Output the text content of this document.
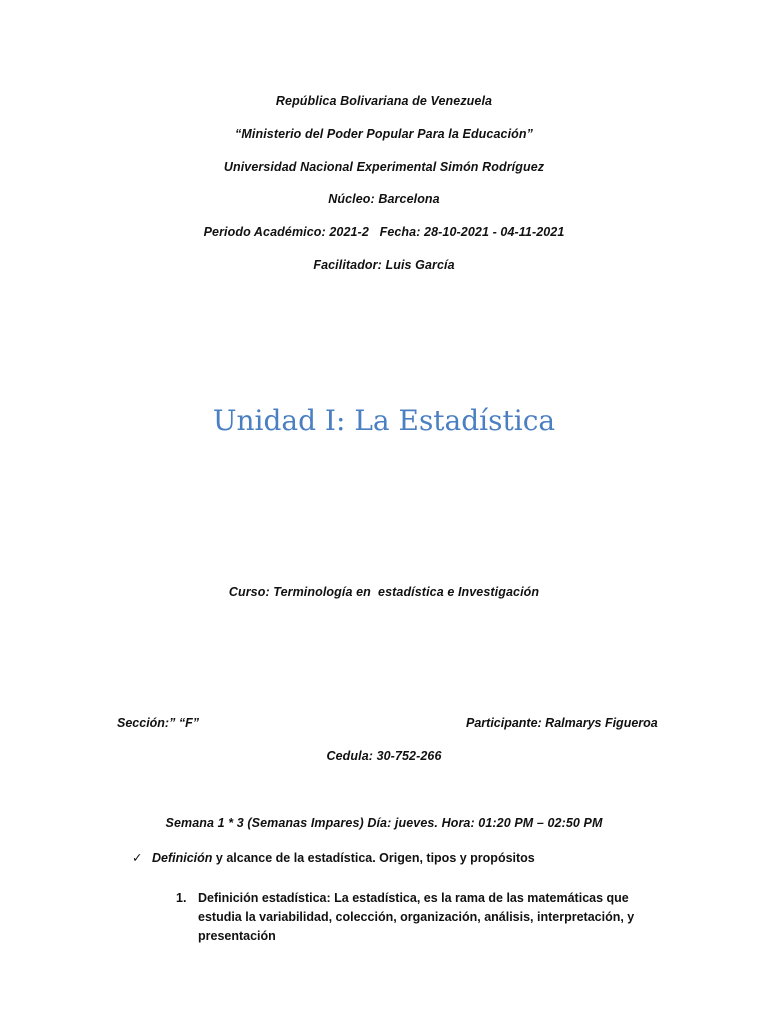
República Bolivariana de Venezuela
“Ministerio del Poder Popular Para la Educación”
Universidad Nacional Experimental Simón Rodríguez
Núcleo: Barcelona
Periodo Académico: 2021-2   Fecha: 28-10-2021 - 04-11-2021
Facilitador: Luis García
Unidad I: La Estadística
Curso: Terminología en  estadística e Investigación
Sección:” “F”	Participante: Ralmarys Figueroa
Cedula: 30-752-266
Semana 1 * 3 (Semanas Impares) Día: jueves. Hora: 01:20 PM – 02:50 PM
✓ Definición y alcance de la estadística. Origen, tipos y propósitos
1. Definición estadística: La estadística, es la rama de las matemáticas que estudia la variabilidad, colección, organización, análisis, interpretación, y presentación
